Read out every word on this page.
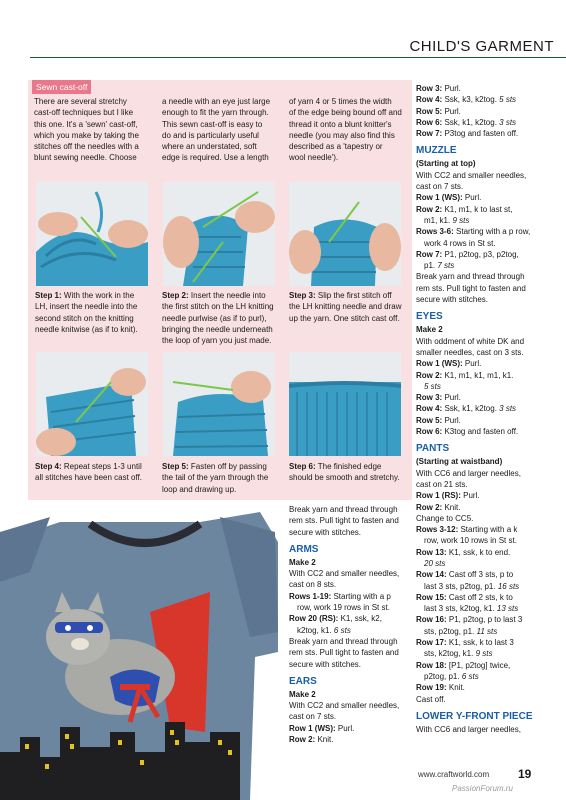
CHILD'S GARMENT
Sewn cast-off
There are several stretchy
cast-off techniques but I like
this one. It's a 'sewn' cast-off,
which you make by taking the
stitches off the needles with a
blunt sewing needle. Choose
a needle with an eye just large
enough to fit the yarn through.
This sewn cast-off is easy to
do and is particularly useful
where an understated, soft
edge is required. Use a length
of yarn 4 or 5 times the width
of the edge being bound off and
thread it onto a blunt knitter's
needle (you may also find this
described as a 'tapestry or
wool needle').
Step 1: With the work in the
LH, insert the needle into the
second stitch on the knitting
needle knitwise (as if to knit).
Step 2: Insert the needle into
the first stitch on the LH knitting
needle purlwise (as if to purl),
bringing the needle underneath
the loop of yarn you just made.
Step 3: Slip the first stitch off
the LH knitting needle and draw
up the yarn. One stitch cast off.
Step 4: Repeat steps 1-3 until
all stitches have been cast off.
Step 5: Fasten off by passing
the tail of the yarn through the
loop and drawing up.
Step 6: The finished edge
should be smooth and stretchy.
Break yarn and thread through
rem sts. Pull tight to fasten and
secure with stitches.
ARMS
Make 2
With CC2 and smaller needles,
cast on 8 sts.
Rows 1-19: Starting with a p
row, work 19 rows in St st.
Row 20 (RS): K1, ssk, k2,
k2tog, k1. 6 sts
Break yarn and thread through
rem sts. Pull tight to fasten and
secure with stitches.
EARS
Make 2
With CC2 and smaller needles,
cast on 7 sts.
Row 1 (WS): Purl.
Row 2: Knit.
Row 3: Purl.
Row 4: Ssk, k3, k2tog. 5 sts
Row 5: Purl.
Row 6: Ssk, k1, k2tog. 3 sts
Row 7: P3tog and fasten off.
MUZZLE
(Starting at top)
With CC2 and smaller needles,
cast on 7 sts.
Row 1 (WS): Purl.
Row 2: K1, m1, k to last st,
m1, k1. 9 sts
Rows 3-6: Starting with a p row,
work 4 rows in St st.
Row 7: P1, p2tog, p3, p2tog,
p1. 7 sts
Break yarn and thread through
rem sts. Pull tight to fasten and
secure with stitches.
EYES
Make 2
With oddment of white DK and
smaller needles, cast on 3 sts.
Row 1 (WS): Purl.
Row 2: K1, m1, k1, m1, k1.
5 sts
Row 3: Purl.
Row 4: Ssk, k1, k2tog. 3 sts
Row 5: Purl.
Row 6: K3tog and fasten off.
PANTS
(Starting at waistband)
With CC6 and larger needles,
cast on 21 sts.
Row 1 (RS): Purl.
Row 2: Knit.
Change to CC5.
Rows 3-12: Starting with a k
row, work 10 rows in St st.
Row 13: K1, ssk, k to end.
20 sts
Row 14: Cast off 3 sts, p to
last 3 sts, p2tog, p1. 16 sts
Row 15: Cast off 2 sts, k to
last 3 sts, k2tog, k1. 13 sts
Row 16: P1, p2tog, p to last 3
sts, p2tog, p1. 11 sts
Row 17: K1, ssk, k to last 3
sts, k2tog, k1. 9 sts
Row 18: [P1, p2tog] twice,
p2tog, p1. 6 sts
Row 19: Knit.
Cast off.
LOWER Y-FRONT PIECE
With CC6 and larger needles,
www.craftworld.com 19
PassionForum.ru
